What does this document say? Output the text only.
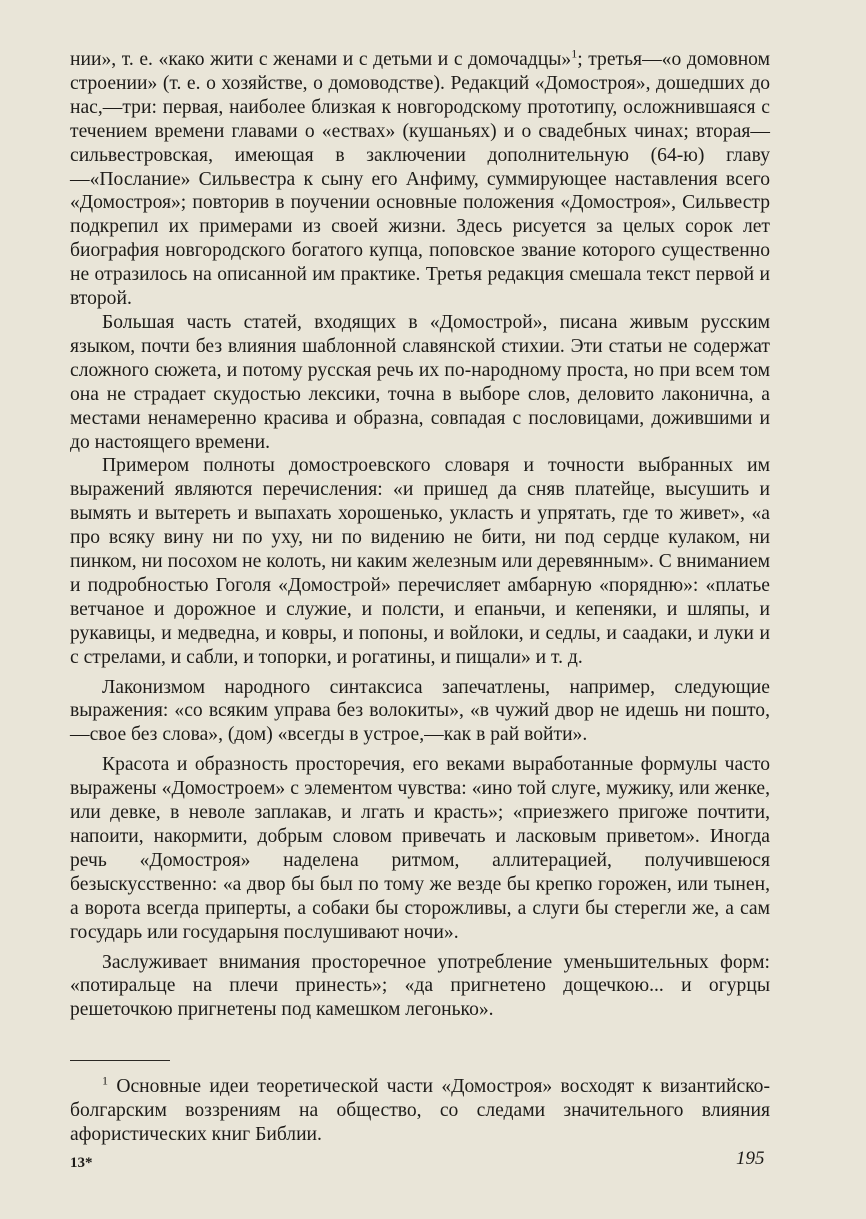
нии», т. е. «како жити с женами и с детьми и с домочадцы»$^1$; третья—«о домовном строении» (т. е. о хозяйстве, о домоводстве). Редакций «Домостроя», дошедших до нас,—три: первая, наиболее близкая к новгородскому прототипу, осложнившаяся с течением времени главами о «ествах» (кушаньях) и о свадебных чинах; вторая—сильвестровская, имеющая в заключении дополнительную (64-ю) главу—«Послание» Сильвестра к сыну его Анфиму, суммирующее наставления всего «Домостроя»; повторив в поучении основные положения «Домостроя», Сильвестр подкрепил их примерами из своей жизни. Здесь рисуется за целых сорок лет биография новгородского богатого купца, поповское звание которого существенно не отразилось на описанной им практике. Третья редакция смешала текст первой и второй.

Большая часть статей, входящих в «Домострой», писана живым русским языком, почти без влияния шаблонной славянской стихии. Эти статьи не содержат сложного сюжета, и потому русская речь их по-народному проста, но при всем том она не страдает скудостью лексики, точна в выборе слов, деловито лаконична, а местами ненамеренно красива и образна, совпадая с пословицами, дожившими и до настоящего времени.

Примером полноты домостроевского словаря и точности выбранных им выражений являются перечисления: «и пришед да сняв платейце, высушить и вымять и вытереть и выпахать хорошенько, укласть и упрятать, где то живет», «а про всяку вину ни по уху, ни по видению не бити, ни под сердце кулаком, ни пинком, ни посохом не колоть, ни каким железным или деревянным». С вниманием и подробностью Гоголя «Домострой» перечисляет амбарную «порядню»: «платье ветчаное и дорожное и служие, и полсти, и епаньчи, и кепеняки, и шляпы, и рукавицы, и медведна, и ковры, и попоны, и войлоки, и седлы, и саадаки, и луки и с стрелами, и сабли, и топорки, и рогатины, и пищали» и т. д.

Лаконизмом народного синтаксиса запечатлены, например, следующие выражения: «со всяким управа без волокиты», «в чужий двор не идешь ни пошто,—свое без слова», (дом) «всегды в устрое,—как в рай войти».

Красота и образность просторечия, его веками выработанные формулы часто выражены «Домостроем» с элементом чувства: «ино той слуге, мужику, или женке, или девке, в неволе заплакав, и лгать и красть»; «приезжего пригоже почтити, напоити, накормити, добрым словом привечать и ласковым приветом». Иногда речь «Домостроя» наделена ритмом, аллитерацией, получившеюся безыскусственно: «а двор бы был по тому же везде бы крепко горожен, или тынен, а ворота всегда приперты, а собаки бы сторожливы, а слуги бы стерегли же, а сам государь или государыня послушивают ночи».

Заслуживает внимания просторечное употребление уменьшительных форм: «потиральце на плечи принесть»; «да пригнетено дощечкою... и огурцы решеточкою пригнетены под камешком легонько».

$^1$ Основные идеи теоретической части «Домостроя» восходят к византийско-болгарским воззрениям на общество, со следами значительного влияния афористических книг Библии.

13*	195
